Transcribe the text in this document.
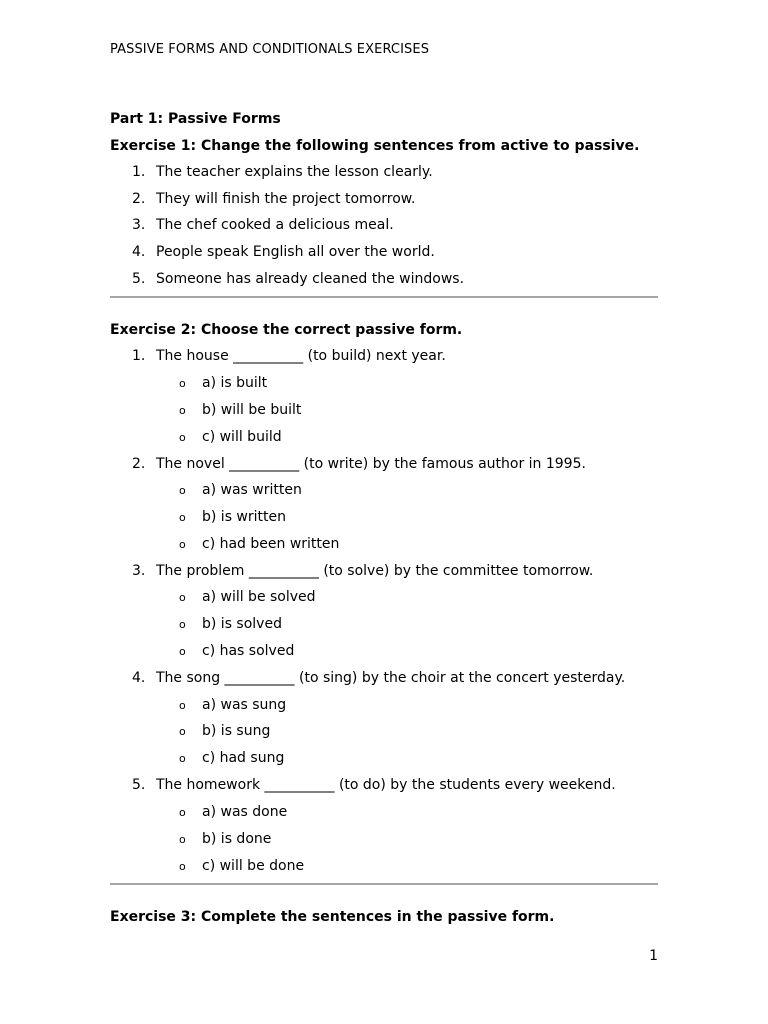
PASSIVE FORMS AND CONDITIONALS EXERCISES

Part 1: Passive Forms

Exercise 1: Change the following sentences from active to passive.

1. The teacher explains the lesson clearly.
2. They will finish the project tomorrow.
3. The chef cooked a delicious meal.
4. People speak English all over the world.
5. Someone has already cleaned the windows.

Exercise 2: Choose the correct passive form.

1. The house __________ (to build) next year.
o a) is built
o b) will be built
o c) will build
2. The novel __________ (to write) by the famous author in 1995.
o a) was written
o b) is written
o c) had been written
3. The problem __________ (to solve) by the committee tomorrow.
o a) will be solved
o b) is solved
o c) has solved
4. The song __________ (to sing) by the choir at the concert yesterday.
o a) was sung
o b) is sung
o c) had sung
5. The homework __________ (to do) by the students every weekend.
o a) was done
o b) is done
o c) will be done

Exercise 3: Complete the sentences in the passive form.

1
